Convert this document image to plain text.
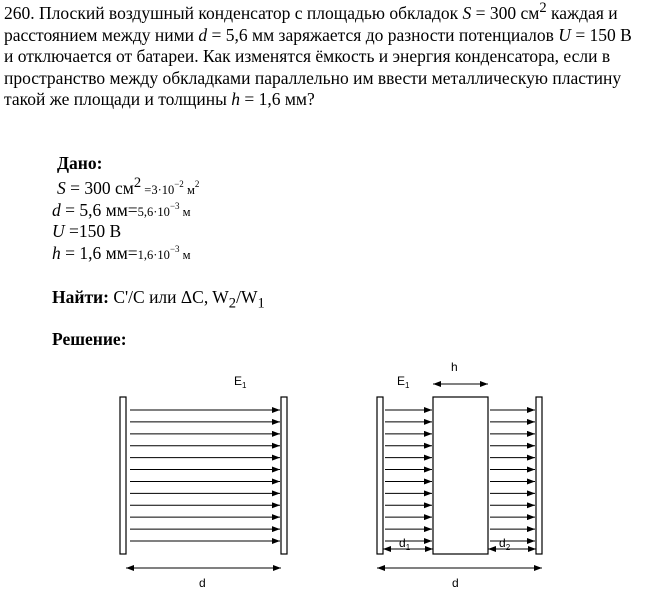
260. Плоский воздушный конденсатор с площадью обкладок S = 300 $см^2$ каждая и расстоянием между ними d = 5,6 мм заряжается до разности потенциалов U = 150 В и отключается от батареи. Как изменятся ёмкость и энергия конденсатора, если в пространство между обкладками параллельно им ввести металлическую пластину такой же площади и толщины h = 1,6 мм?
Дано:
S = 300 $см^2 =3\cdot 10^{-2}$ $м^2$
d = 5,6 $мм=5,6\cdot 10^{-3}$ м
U =150 В
h = 1,6 $мм=1,6\cdot 10^{-3}$ м
Найти: C'/C или ΔC, $W_2/W_1$
Решение:
$E_1$
d
$E_1$
h
$d_1$	$d_2$
d
